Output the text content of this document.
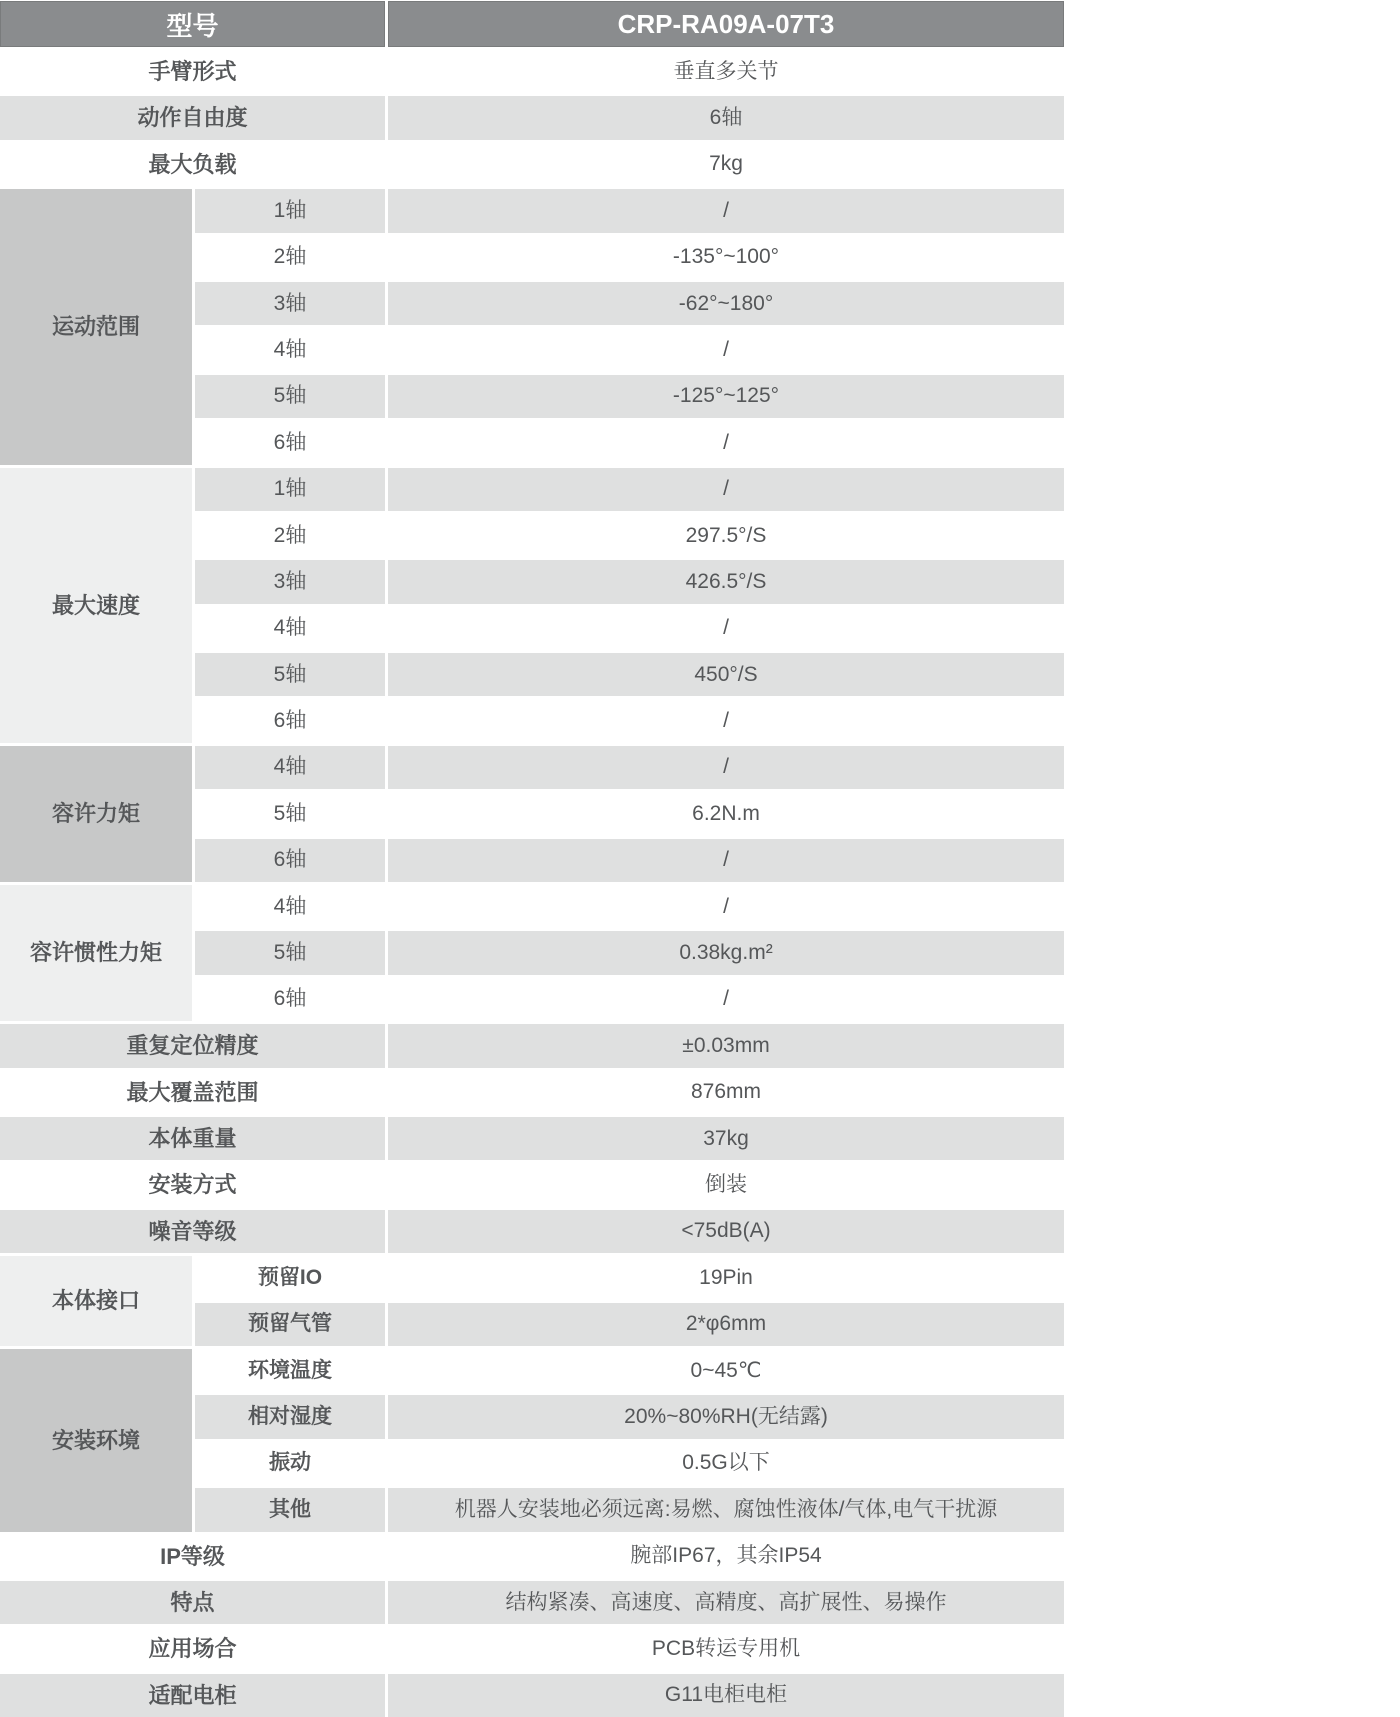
型号	CRP-RA09A-07T3
手臂形式	垂直多关节
动作自由度	6轴
最大负载	7kg
运动范围
1轴	/
2轴	-135°~100°
3轴	-62°~180°
4轴	/
5轴	-125°~125°
6轴	/
最大速度
1轴	/
2轴	297.5°/S
3轴	426.5°/S
4轴	/
5轴	450°/S
6轴	/
容许力矩
4轴	/
5轴	6.2N.m
6轴	/
容许惯性力矩
4轴	/
5轴	0.38kg.m²
6轴	/
重复定位精度	±0.03mm
最大覆盖范围	876mm
本体重量	37kg
安装方式	倒装
噪音等级	<75dB(A)
本体接口
预留IO	19Pin
预留气管	2*φ6mm
安装环境
环境温度	0~45℃
相对湿度	20%~80%RH(无结露)
振动	0.5G以下
其他	机器人安装地必须远离:易燃、腐蚀性液体/气体,电气干扰源
IP等级	腕部IP67，其余IP54
特点	结构紧凑、高速度、高精度、高扩展性、易操作
应用场合	PCB转运专用机
适配电柜	G11电柜电柜
